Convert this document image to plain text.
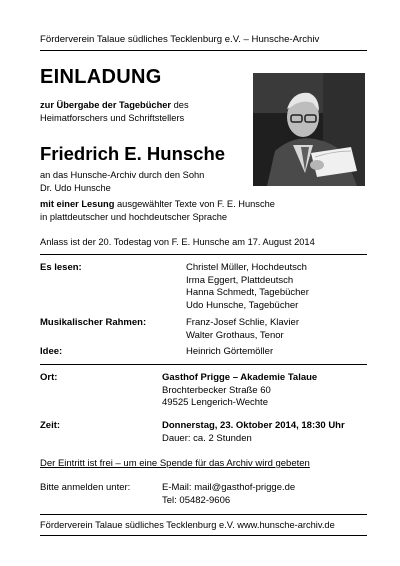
Förderverein Talaue südliches Tecklenburg e.V. – Hunsche-Archiv
EINLADUNG
zur Übergabe der Tagebücher des
Heimatforschers und Schriftstellers
Friedrich E. Hunsche
an das Hunsche-Archiv durch den Sohn
Dr. Udo Hunsche
mit einer Lesung ausgewählter Texte von F. E. Hunsche
in plattdeutscher und hochdeutscher Sprache
Anlass ist der 20. Todestag von F. E. Hunsche am 17. August 2014
Es lesen:	Christel Müller, Hochdeutsch
Irma Eggert, Plattdeutsch
Hanna Schmedt, Tagebücher
Udo Hunsche, Tagebücher
Musikalischer Rahmen:	Franz-Josef Schlie, Klavier
Walter Grothaus, Tenor
Idee:	Heinrich Görtemöller
Ort:	Gasthof Prigge – Akademie Talaue
Brochterbecker Straße 60
49525 Lengerich-Wechte
Zeit:	Donnerstag, 23. Oktober 2014, 18:30 Uhr
Dauer: ca. 2 Stunden
Der Eintritt ist frei – um eine Spende für das Archiv wird gebeten
Bitte anmelden unter:	E-Mail: mail@gasthof-prigge.de
Tel: 05482-9606
Förderverein Talaue südliches Tecklenburg e.V. www.hunsche-archiv.de
